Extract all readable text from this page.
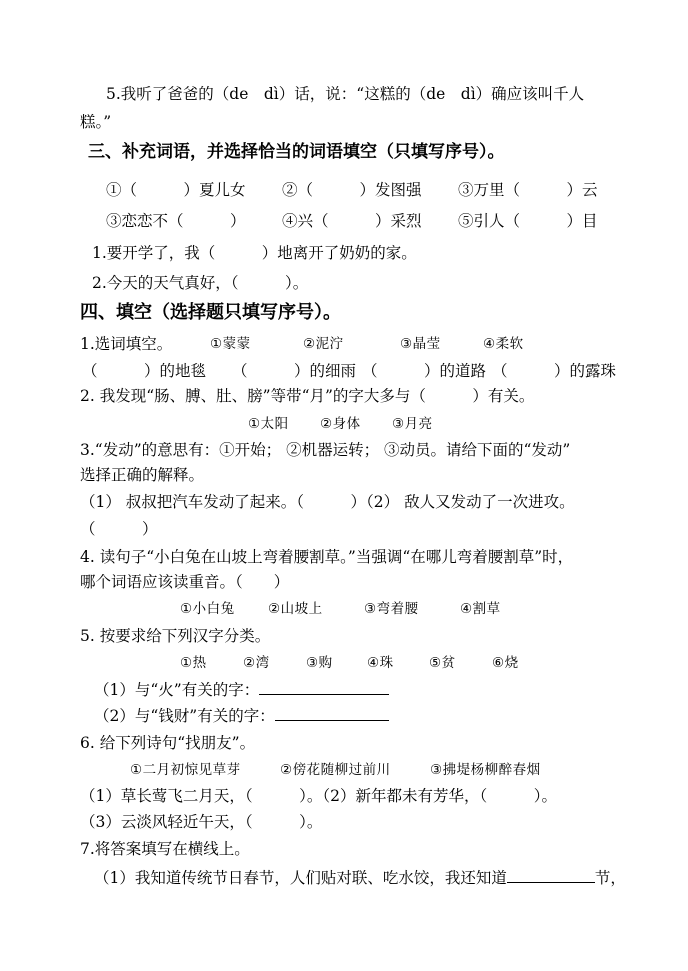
5.我听了爸爸的（de　dì）话，说：“这糕的（de　dì）确应该叫千人
糕。”
三、补充词语，并选择恰当的词语填空（只填写序号）。
①（　　　）夏儿女	②（　　　）发图强	③万里（　　　）云
③恋恋不（　　　）	④兴（　　　）采烈	⑤引人（　　　）目
1.要开学了，我（　　　）地离开了奶奶的家。
2.今天的天气真好，（　　　）。
四、填空（选择题只填写序号）。
1.选词填空。	①蒙蒙	②泥泞	③晶莹	④柔软
（　　　）的地毯	（　　　）的细雨 （　　　）的道路 （　　　）的露珠
2. 我发现“肠、膊、肚、膀”等带“月”的字大多与（　　　）有关。
①太阳	②身体	③月亮
3.“发动”的意思有：①开始； ②机器运转； ③动员。请给下面的“发动”
选择正确的解释。
（1） 叔叔把汽车发动了起来。（　　　）（2） 敌人又发动了一次进攻。
（　　　）
4. 读句子“小白兔在山坡上弯着腰割草。”当强调“在哪儿弯着腰割草”时，
哪个词语应该读重音。（　　）
①小白兔	②山坡上	③弯着腰	④割草
5. 按要求给下列汉字分类。
①热	②湾	③购	④珠	⑤贫	⑥烧
（1）与“火”有关的字：
（2）与“钱财”有关的字：
6. 给下列诗句“找朋友”。
①二月初惊见草芽	②傍花随柳过前川	③拂堤杨柳醉春烟
（1）草长莺飞二月天，（　　　）。（2）新年都未有芳华，（　　　）。
（3）云淡风轻近午天，（　　　）。
7.将答案填写在横线上。
（1）我知道传统节日春节，人们贴对联、吃水饺，我还知道	节，
